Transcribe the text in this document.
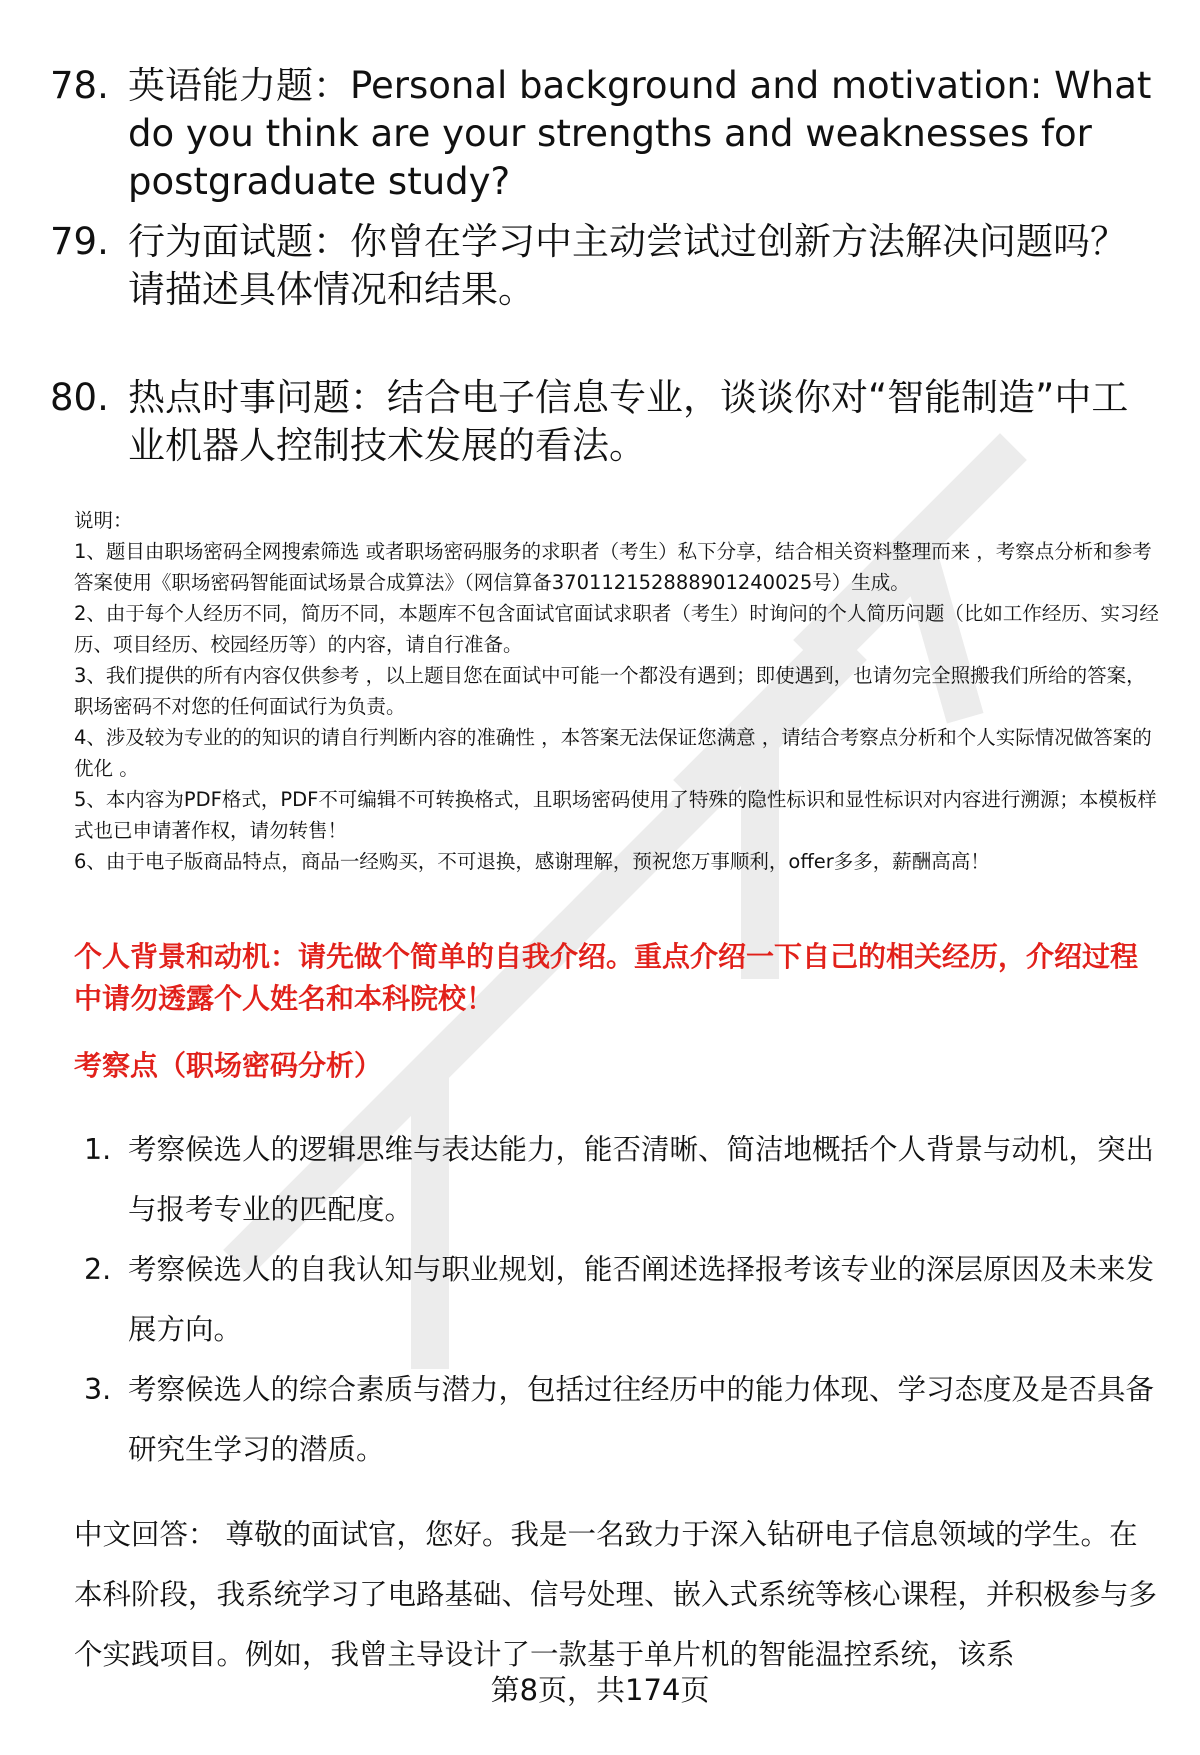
78. 英语能力题：Personal background and motivation: What do you think are your strengths and weaknesses for postgraduate study?
79. 行为面试题：你曾在学习中主动尝试过创新方法解决问题吗？请描述具体情况和结果。
80. 热点时事问题：结合电子信息专业，谈谈你对“智能制造”中工业机器人控制技术发展的看法。
说明：
1、题目由职场密码全网搜索筛选 或者职场密码服务的求职者（考生）私下分享，结合相关资料整理而来 ，考察点分析和参考答案使用《职场密码智能面试场景合成算法》（网信算备370112152888901240025号）生成。
2、由于每个人经历不同，简历不同，本题库不包含面试官面试求职者（考生）时询问的个人简历问题（比如工作经历、实习经历、项目经历、校园经历等）的内容，请自行准备。
3、我们提供的所有内容仅供参考 ，以上题目您在面试中可能一个都没有遇到；即使遇到，也请勿完全照搬我们所给的答案，职场密码不对您的任何面试行为负责。
4、涉及较为专业的的知识的请自行判断内容的准确性 ，本答案无法保证您满意 ，请结合考察点分析和个人实际情况做答案的优化 。
5、本内容为PDF格式，PDF不可编辑不可转换格式，且职场密码使用了特殊的隐性标识和显性标识对内容进行溯源；本模板样式也已申请著作权，请勿转售！
6、由于电子版商品特点，商品一经购买，不可退换，感谢理解，预祝您万事顺利，offer多多，薪酬高高！
个人背景和动机：请先做个简单的自我介绍。重点介绍一下自己的相关经历，介绍过程中请勿透露个人姓名和本科院校！
考察点（职场密码分析）
1. 考察候选人的逻辑思维与表达能力，能否清晰、简洁地概括个人背景与动机，突出与报考专业的匹配度。
2. 考察候选人的自我认知与职业规划，能否阐述选择报考该专业的深层原因及未来发展方向。
3. 考察候选人的综合素质与潜力，包括过往经历中的能力体现、学习态度及是否具备研究生学习的潜质。
中文回答： 尊敬的面试官，您好。我是一名致力于深入钻研电子信息领域的学生。在本科阶段，我系统学习了电路基础、信号处理、嵌入式系统等核心课程，并积极参与多个实践项目。例如，我曾主导设计了一款基于单片机的智能温控系统，该系
第8页，共174页
